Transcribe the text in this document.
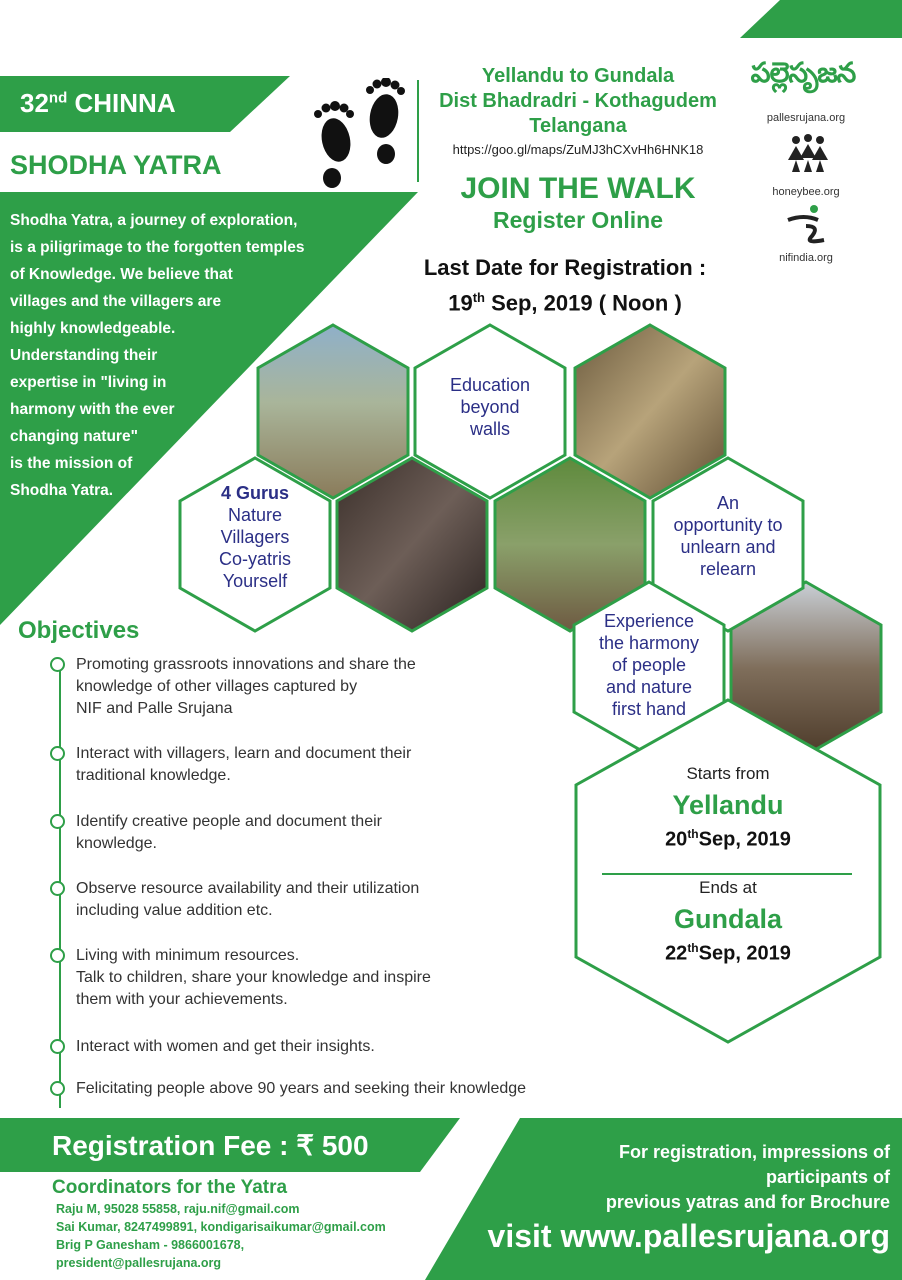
32nd CHINNA
SHODHA YATRA
Shodha Yatra, a journey of exploration,
is a piligrimage to the forgotten temples
of Knowledge. We believe that
villages and the villagers are
highly knowledgeable.
Understanding their
expertise in "living in
harmony with the ever
changing nature"
is the mission of
Shodha Yatra.
Yellandu to Gundala
Dist Bhadradri - Kothagudem
Telangana
https://goo.gl/maps/ZuMJ3hCXvHh6HNK18
JOIN THE WALK
Register Online
Last Date for Registration :
19th Sep, 2019 ( Noon )
పల్లెసృజన
pallesrujana.org
honeybee.org
nifindia.org
Education
beyond
walls
4 Gurus
Nature
Villagers
Co-yatris
Yourself
An
opportunity to
unlearn and
relearn
Experience
the harmony
of people
and nature
first hand
Objectives
Promoting grassroots innovations and share the
knowledge of other villages captured by
NIF and Palle Srujana
Interact with villagers, learn and document their
traditional knowledge.
Identify creative people and document their
knowledge.
Observe resource availability and their utilization
including value addition etc.
Living with minimum resources.
Talk to children, share your knowledge and inspire
them with your achievements.
Interact with women and get their insights.
Felicitating people above 90 years and seeking their knowledge
Starts from
Yellandu
20thSep, 2019
Ends at
Gundala
22thSep, 2019
Registration Fee : ₹ 500
Coordinators for the Yatra
Raju M, 95028 55858, raju.nif@gmail.com
Sai Kumar, 8247499891, kondigarisaikumar@gmail.com
Brig P Ganesham - 9866001678,
president@pallesrujana.org
For registration, impressions of
participants of
previous yatras and for Brochure
visit www.pallesrujana.org
